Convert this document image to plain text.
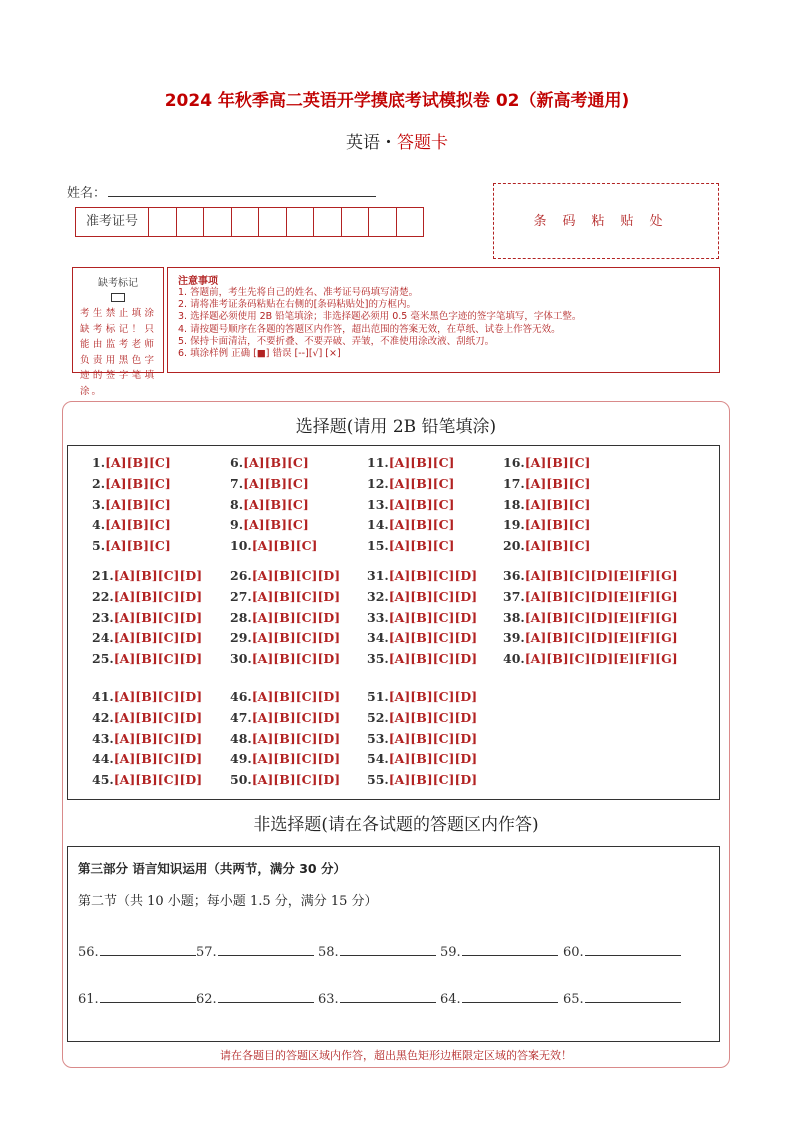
2024 年秋季高二英语开学摸底考试模拟卷 02（新高考通用)
英语・答题卡
姓名：
准考证号	条码粘贴处
缺考标记
考生禁止填涂缺考标记！只能由监考老师负责用黑色字迹的签字笔填涂。
注意事项
1. 答题前，考生先将自己的姓名、准考证号码填写清楚。
2. 请将准考证条码粘贴在右侧的[条码粘贴处]的方框内。
3. 选择题必须使用 2B 铅笔填涂；非选择题必须用 0.5 毫米黑色字迹的签字笔填写，字体工整。
4. 请按题号顺序在各题的答题区内作答，超出范围的答案无效，在草纸、试卷上作答无效。
5. 保持卡面清洁，不要折叠、不要弄破、弄皱，不准使用涂改液、刮纸刀。
6. 填涂样例 正确 [■] 错误 [--][√] [×]
选择题(请用 2B 铅笔填涂)
1.[A][B][C]	6.[A][B][C]	11.[A][B][C]	16.[A][B][C]
2.[A][B][C]	7.[A][B][C]	12.[A][B][C]	17.[A][B][C]
3.[A][B][C]	8.[A][B][C]	13.[A][B][C]	18.[A][B][C]
4.[A][B][C]	9.[A][B][C]	14.[A][B][C]	19.[A][B][C]
5.[A][B][C]	10.[A][B][C]	15.[A][B][C]	20.[A][B][C]
21.[A][B][C][D] 26.[A][B][C][D] 31.[A][B][C][D] 36.[A][B][C][D][E][F][G]
22.[A][B][C][D] 27.[A][B][C][D] 32.[A][B][C][D] 37.[A][B][C][D][E][F][G]
23.[A][B][C][D] 28.[A][B][C][D] 33.[A][B][C][D] 38.[A][B][C][D][E][F][G]
24.[A][B][C][D] 29.[A][B][C][D] 34.[A][B][C][D] 39.[A][B][C][D][E][F][G]
25.[A][B][C][D] 30.[A][B][C][D] 35.[A][B][C][D] 40.[A][B][C][D][E][F][G]
41.[A][B][C][D] 46.[A][B][C][D] 51.[A][B][C][D]
42.[A][B][C][D] 47.[A][B][C][D] 52.[A][B][C][D]
43.[A][B][C][D] 48.[A][B][C][D] 53.[A][B][C][D]
44.[A][B][C][D] 49.[A][B][C][D] 54.[A][B][C][D]
45.[A][B][C][D] 50.[A][B][C][D] 55.[A][B][C][D]
非选择题(请在各试题的答题区内作答)
第三部分 语言知识运用（共两节，满分 30 分）
第二节（共 10 小题；每小题 1.5 分，满分 15 分）
56.	57.	58.	59.	60.
61.	62.	63.	64.	65.
请在各题目的答题区域内作答，超出黑色矩形边框限定区域的答案无效！
